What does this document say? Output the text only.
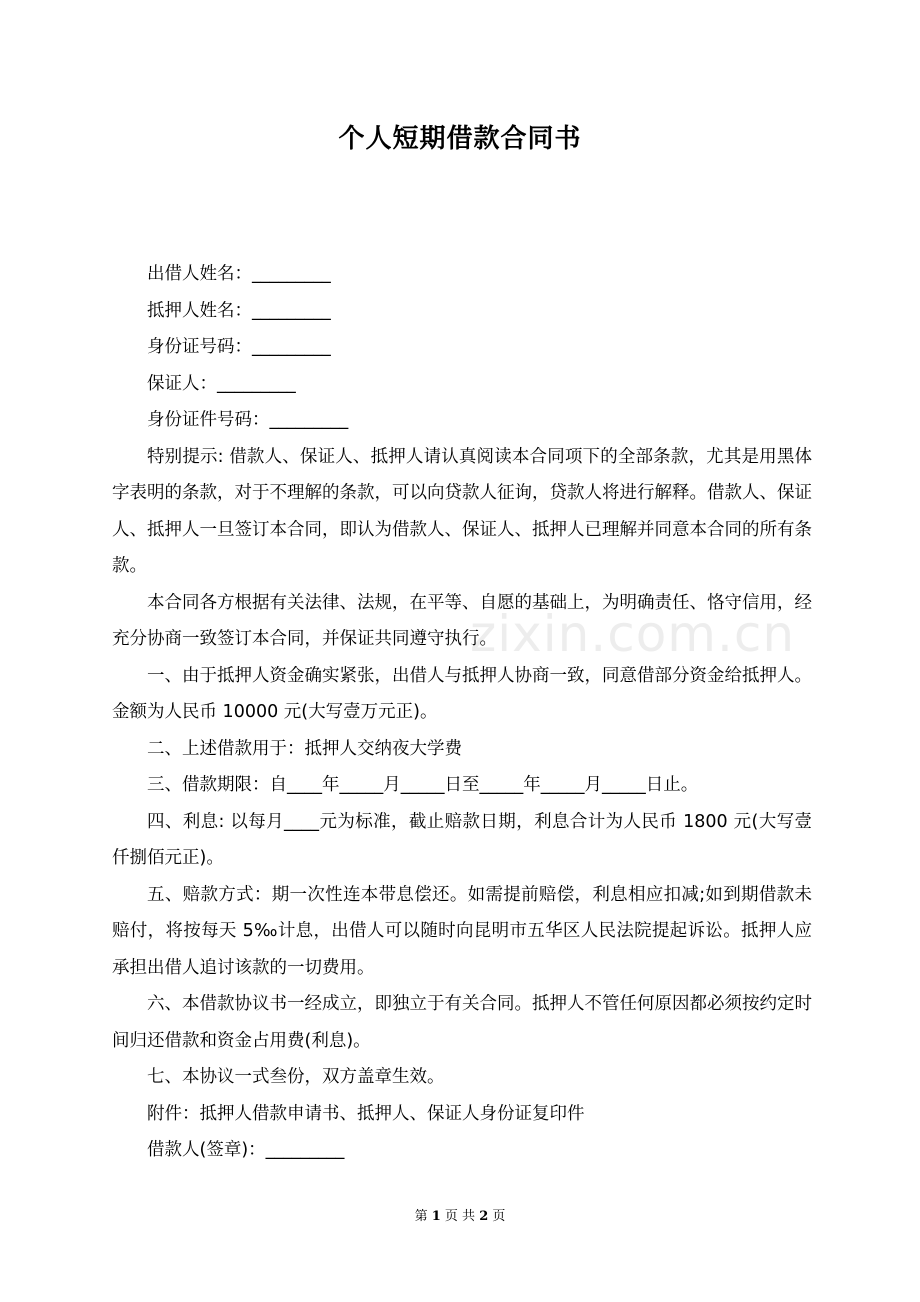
个人短期借款合同书
zixin.com.cn

出借人姓名：_________

抵押人姓名：_________

身份证号码：_________

保证人：_________

身份证件号码：_________

特别提示: 借款人、保证人、抵押人请认真阅读本合同项下的全部条款，尤其是用黑体字表明的条款，对于不理解的条款，可以向贷款人征询，贷款人将进行解释。借款人、保证人、抵押人一旦签订本合同，即认为借款人、保证人、抵押人已理解并同意本合同的所有条款。

本合同各方根据有关法律、法规，在平等、自愿的基础上，为明确责任、恪守信用，经充分协商一致签订本合同，并保证共同遵守执行。

一、由于抵押人资金确实紧张，出借人与抵押人协商一致，同意借部分资金给抵押人。金额为人民币 10000 元(大写壹万元正)。

二、上述借款用于：抵押人交纳夜大学费

三、借款期限：自____年_____月_____日至_____年_____月_____日止。

四、利息: 以每月____元为标准，截止赔款日期，利息合计为人民币 1800 元(大写壹仟捌佰元正)。

五、赔款方式：期一次性连本带息偿还。如需提前赔偿，利息相应扣减;如到期借款未赔付，将按每天 5‰计息，出借人可以随时向昆明市五华区人民法院提起诉讼。抵押人应承担出借人追讨该款的一切费用。

六、本借款协议书一经成立，即独立于有关合同。抵押人不管任何原因都必须按约定时间归还借款和资金占用费(利息)。

七、本协议一式叁份，双方盖章生效。

附件：抵押人借款申请书、抵押人、保证人身份证复印件

借款人(签章)：_________

第 1 页 共 2 页
